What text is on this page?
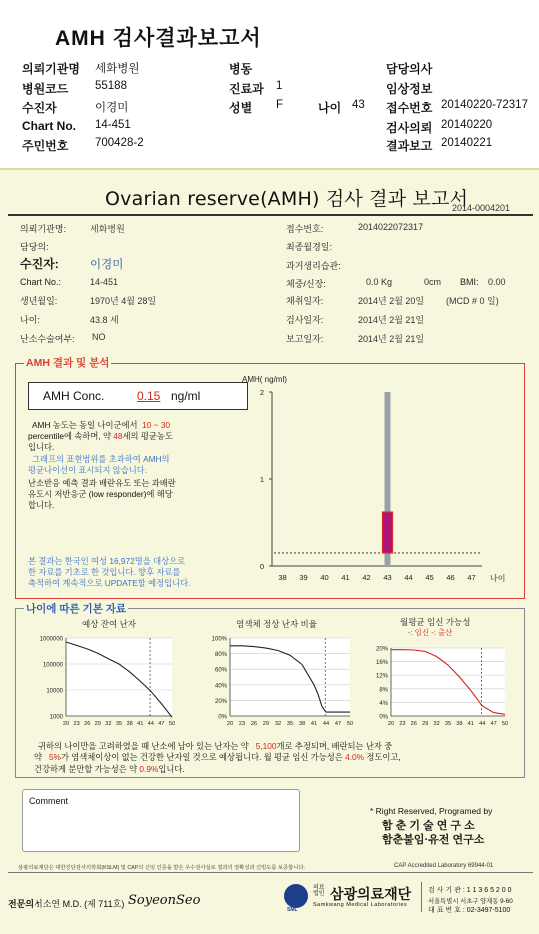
AMH 검사결과보고서
의뢰기관명 세화병원
병원코드 55188
수진자	이경미
Chart No. 14-451
주민번호 700428-2
병동
진료과 1
성별 F	나이 43
담당의사
임상정보
접수번호 20140220-72317
검사의뢰 20140220
결과보고 20140221
Ovarian reserve(AMH) 검사 결과 보고서
2014-0004201
의뢰기관명:	세화병원
담당의:
수진자:	이경미
Chart No.:	14-451
생년월일:	1970년 4월 28일
나이:	43.8 세
난소수술여부: NO
접수번호:	2014022072317
최종월경일:
과거생리습관:
체중/신장:	0.0 Kg	0cm BMI: 0.00
채취일자:	2014년 2월 20일 (MCD # 0 일)
검사일자:	2014년 2월 21일
보고일자:	2014년 2월 21일
AMH 결과 및 분석
AMH Conc.	0.15 ng/ml
AMH 농도는 동일 나이군에서 10 ~ 30
percentile에 속하며, 약 48세의 평균농도
입니다.
그래프의 표현범위를 초과하여 AMH의
평균나이선이 표시되지 않습니다.
난소반응 예측 결과 배란유도 또는 과배란
유도시 저반응군 (low responder)에 해당
합니다.
본 결과는 한국인 여성 16,972명을 대상으로
한 자료를 기초로 한 것입니다. 향후 자료를
축적하여 계속적으로 UPDATE할 예정입니다.
AMH( ng/ml)
0
1
2
38 39 40 41 42 43 44 45 46 47 나이
나이에 따른 기본 자료
예상 잔여 난자	염색체 정상 난자 비율	월평균 임신 가능성
-: 임신 -: 출산
1000000
100000
10000
1000
20 23 26 29 32 35 38 41 44 47 50
100%
80%
60%
40%
20%
0%
20 23 26 29 32 35 38 41 44 47 50
20%
16%
12%
8%
4%
0%
20 23 26 29 32 35 38 41 44 47 50
귀하의 나이만을 고려하였을 때 난소에 남아 있는 난자는 약 5,100개로 추정되며, 배란되는 난자 중
약 5%가 염색체이상이 없는 건강한 난자일 것으로 예상됩니다. 월 평균 임신 가능성은 4.0% 정도이고,
건강하게 분만할 가능성은 약 0.9%입니다.
Comment
* Right Reserved, Programed by
함 춘 기 술 연 구 소
함춘불임·유전 연구소
삼광의료재단은 대한진단검사의학회(KSLM) 및 CAP의 신임 인증을 받은 우수검사실로 결과의 정확성과 신빙도를 보증합니다.	CAP Accredited Laboratory 69944-01
전문의 :
서소연 M.D. (제 711호) SoyeonSeo
SML
의료법인 삼광의료재단
Samkwang Medical Laboratories
검 사 기 관 : 1 1 3 6 5 2 0 0
서울특별시 서초구 양재동 9-60
대 표 번 호 : 02-3497-5100
